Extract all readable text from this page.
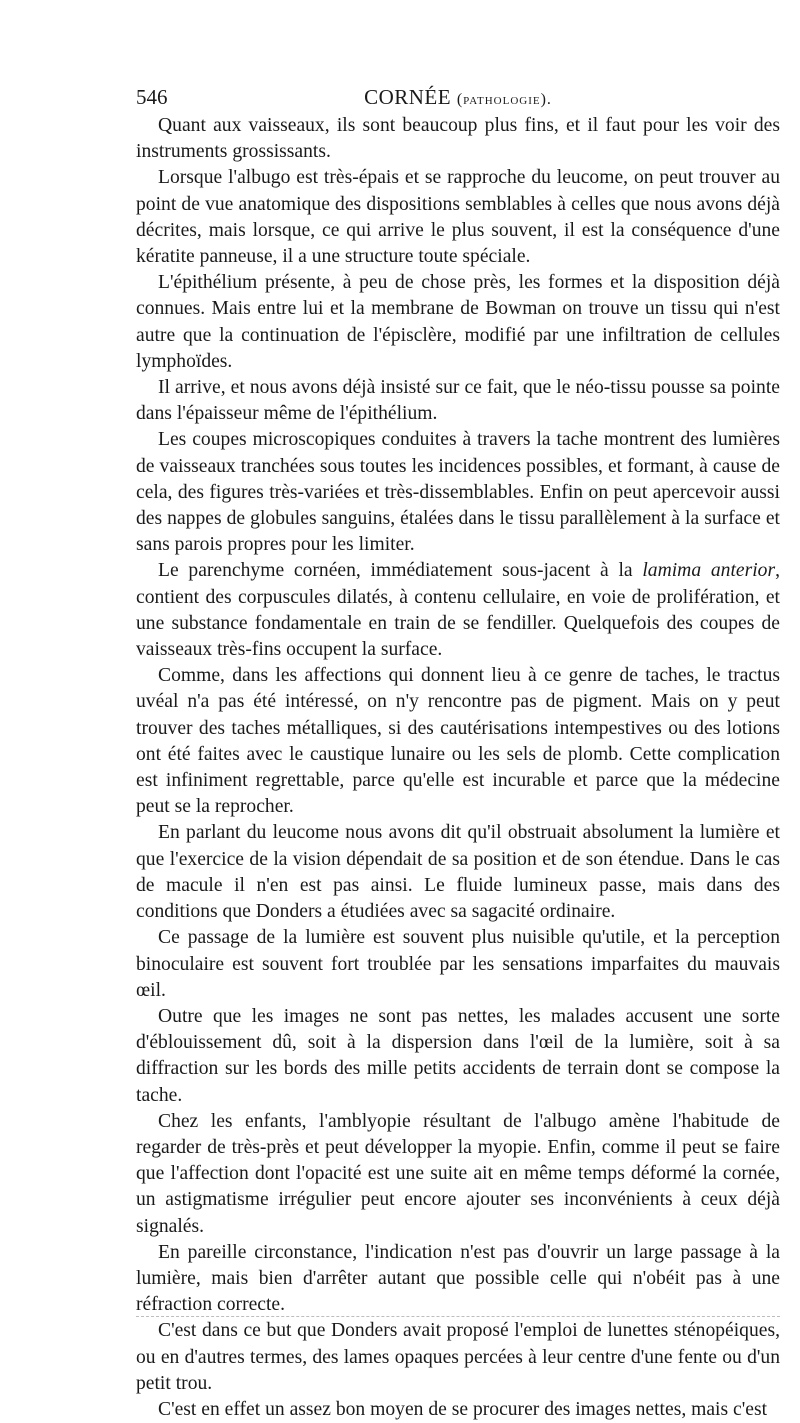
546	CORNÉE (pathologie).

Quant aux vaisseaux, ils sont beaucoup plus fins, et il faut pour les voir des instruments grossissants.

Lorsque l'albugo est très-épais et se rapproche du leucome, on peut trouver au point de vue anatomique des dispositions semblables à celles que nous avons déjà décrites, mais lorsque, ce qui arrive le plus souvent, il est la conséquence d'une kératite panneuse, il a une structure toute spéciale.

L'épithélium présente, à peu de chose près, les formes et la disposition déjà connues. Mais entre lui et la membrane de Bowman on trouve un tissu qui n'est autre que la continuation de l'épisclère, modifié par une infiltration de cellules lymphoïdes.

Il arrive, et nous avons déjà insisté sur ce fait, que le néo-tissu pousse sa pointe dans l'épaisseur même de l'épithélium.

Les coupes microscopiques conduites à travers la tache montrent des lumières de vaisseaux tranchées sous toutes les incidences possibles, et formant, à cause de cela, des figures très-variées et très-dissemblables. Enfin on peut apercevoir aussi des nappes de globules sanguins, étalées dans le tissu parallèlement à la surface et sans parois propres pour les limiter.

Le parenchyme cornéen, immédiatement sous-jacent à la lamima anterior, contient des corpuscules dilatés, à contenu cellulaire, en voie de prolifération, et une substance fondamentale en train de se fendiller. Quelquefois des coupes de vaisseaux très-fins occupent la surface.

Comme, dans les affections qui donnent lieu à ce genre de taches, le tractus uvéal n'a pas été intéressé, on n'y rencontre pas de pigment. Mais on y peut trouver des taches métalliques, si des cautérisations intempestives ou des lotions ont été faites avec le caustique lunaire ou les sels de plomb. Cette complication est infiniment regrettable, parce qu'elle est incurable et parce que la médecine peut se la reprocher.

En parlant du leucome nous avons dit qu'il obstruait absolument la lumière et que l'exercice de la vision dépendait de sa position et de son étendue. Dans le cas de macule il n'en est pas ainsi. Le fluide lumineux passe, mais dans des conditions que Donders a étudiées avec sa sagacité ordinaire.

Ce passage de la lumière est souvent plus nuisible qu'utile, et la perception binoculaire est souvent fort troublée par les sensations imparfaites du mauvais œil.

Outre que les images ne sont pas nettes, les malades accusent une sorte d'éblouissement dû, soit à la dispersion dans l'œil de la lumière, soit à sa diffraction sur les bords des mille petits accidents de terrain dont se compose la tache.

Chez les enfants, l'amblyopie résultant de l'albugo amène l'habitude de regarder de très-près et peut développer la myopie. Enfin, comme il peut se faire que l'affection dont l'opacité est une suite ait en même temps déformé la cornée, un astigmatisme irrégulier peut encore ajouter ses inconvénients à ceux déjà signalés.

En pareille circonstance, l'indication n'est pas d'ouvrir un large passage à la lumière, mais bien d'arrêter autant que possible celle qui n'obéit pas à une réfraction correcte.

C'est dans ce but que Donders avait proposé l'emploi de lunettes sténopéiques, ou en d'autres termes, des lames opaques percées à leur centre d'une fente ou d'un petit trou.

C'est en effet un assez bon moyen de se procurer des images nettes, mais c'est
